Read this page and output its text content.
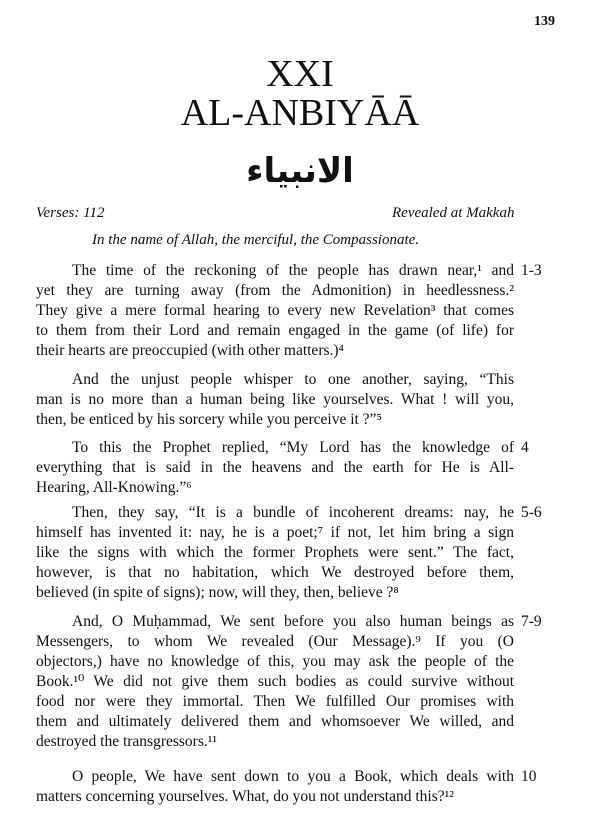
139
XXI
AL-ANBIYĀĀ
الانبياء
Verses: 112	Revealed at Makkah
In the name of Allah, the merciful, the Compassionate.
The time of the reckoning of the people has drawn near,¹ and
yet they are turning away (from the Admonition) in heedlessness.²
They give a mere formal hearing to every new Revelation³ that comes
to them from their Lord and remain engaged in the game (of life) for
their hearts are preoccupied (with other matters.)⁴
1-3
And the unjust people whisper to one another, saying, “This
man is no more than a human being like yourselves. What ! will you,
then, be enticed by his sorcery while you perceive it ?”⁵
To this the Prophet replied, “My Lord has the knowledge of
everything that is said in the heavens and the earth for He is All-
Hearing, All-Knowing.”⁶
4
Then, they say, “It is a bundle of incoherent dreams: nay, he
himself has invented it: nay, he is a poet;⁷ if not, let him bring a sign
like the signs with which the former Prophets were sent.” The fact,
however, is that no habitation, which We destroyed before them,
believed (in spite of signs); now, will they, then, believe ?⁸
5-6
And, O Muḥammad, We sent before you also human beings as
Messengers, to whom We revealed (Our Message).⁹ If you (O
objectors,) have no knowledge of this, you may ask the people of the
Book.¹⁰ We did not give them such bodies as could survive without
food nor were they immortal. Then We fulfilled Our promises with
them and ultimately delivered them and whomsoever We willed, and
destroyed the transgressors.¹¹
7-9
O people, We have sent down to you a Book, which deals with
matters concerning yourselves. What, do you not understand this?¹²
10
